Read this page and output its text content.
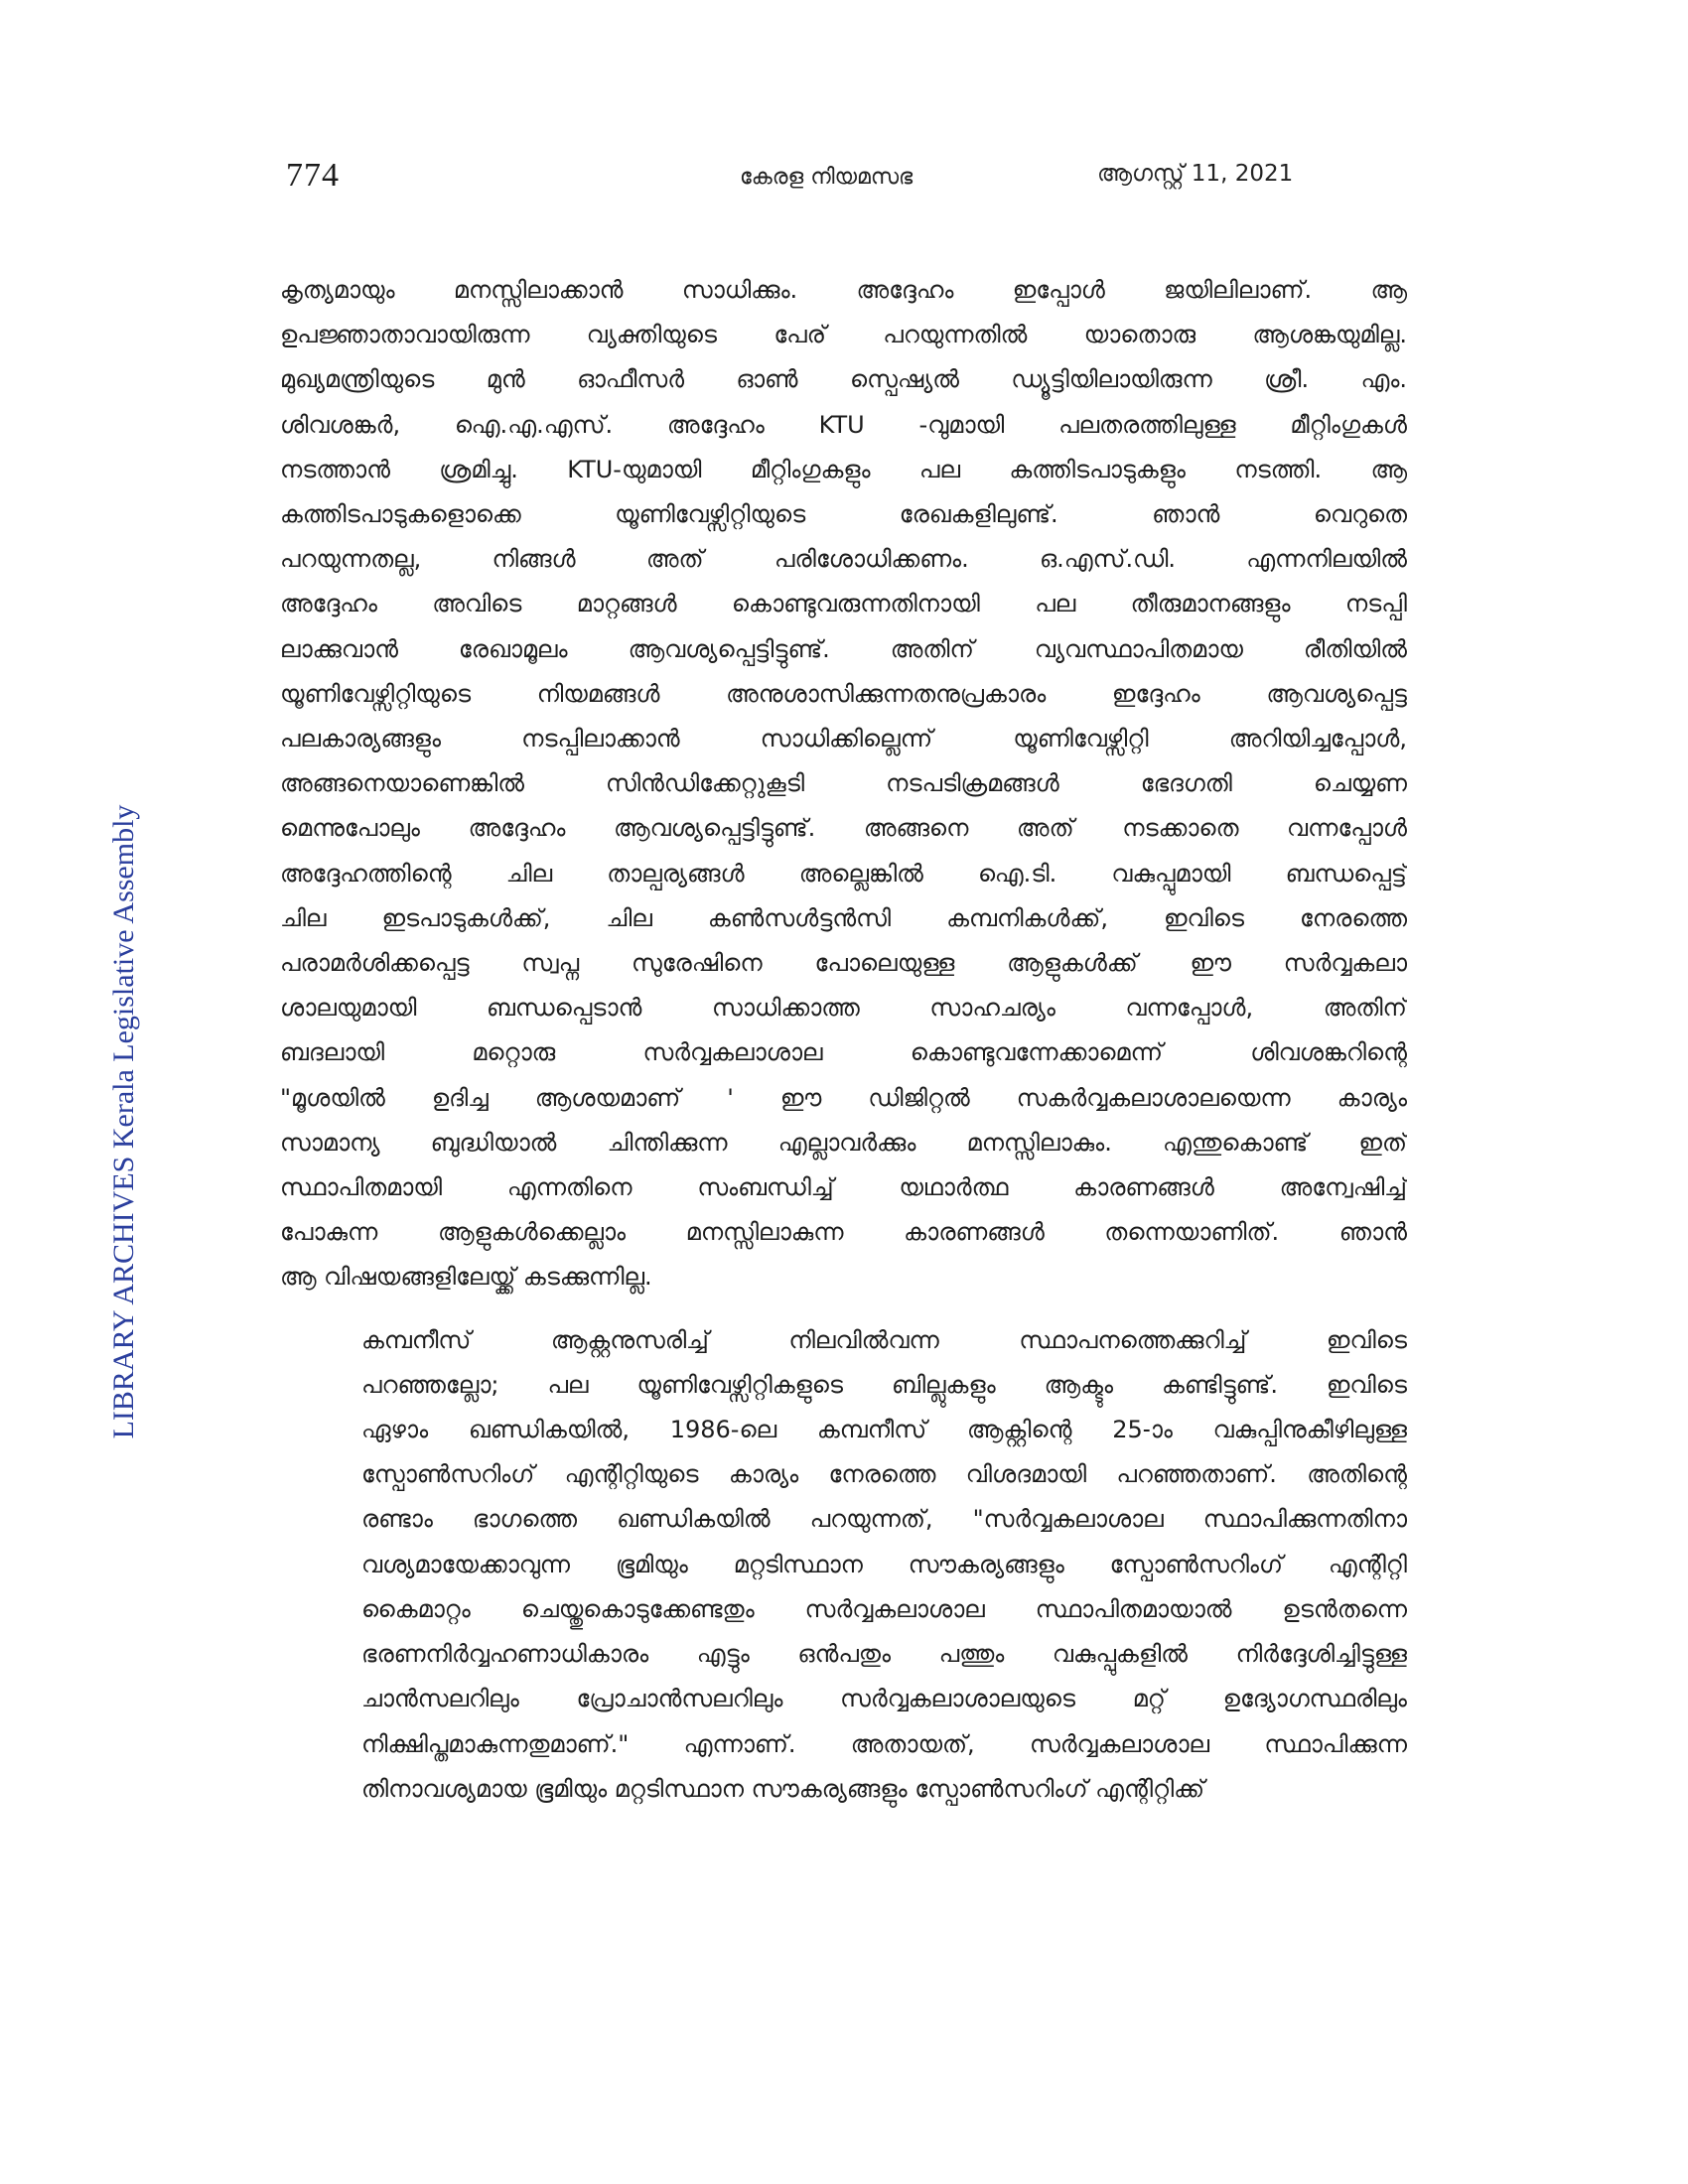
774	കേരള നിയമസഭ	ആഗസ്റ്റ് 11, 2021
LIBRARY ARCHIVES Kerala Legislative Assembly
കൃത്യമായും മനസ്സിലാക്കാൻ സാധിക്കും. അദ്ദേഹം ഇപ്പോൾ ജയിലിലാണ്. ആ
ഉപജ്ഞാതാവായിരുന്ന വ്യക്തിയുടെ പേര് പറയുന്നതിൽ യാതൊരു ആശങ്കയുമില്ല.
മുഖ്യമന്ത്രിയുടെ മുൻ ഓഫീസർ ഓൺ സ്പെഷ്യൽ ഡ്യൂട്ടിയിലായിരുന്ന ശ്രീ. എം.
ശിവശങ്കർ, ഐ.എ.എസ്. അദ്ദേഹം KTU -വുമായി പലതരത്തിലുള്ള മീറ്റിംഗുകൾ
നടത്താൻ ശ്രമിച്ചു. KTU-യുമായി മീറ്റിംഗുകളും പല കത്തിടപാടുകളും നടത്തി. ആ
കത്തിടപാടുകളൊക്കെ യൂണിവേഴ്സിറ്റിയുടെ രേഖകളിലുണ്ട്. ഞാൻ വെറുതെ
പറയുന്നതല്ല, നിങ്ങൾ അത് പരിശോധിക്കണം. ഒ.എസ്.ഡി. എന്നനിലയിൽ
അദ്ദേഹം അവിടെ മാറ്റങ്ങൾ കൊണ്ടുവരുന്നതിനായി പല തീരുമാനങ്ങളും നടപ്പി
ലാക്കുവാൻ രേഖാമൂലം ആവശ്യപ്പെട്ടിട്ടുണ്ട്. അതിന് വ്യവസ്ഥാപിതമായ രീതിയിൽ
യൂണിവേഴ്സിറ്റിയുടെ നിയമങ്ങൾ അനുശാസിക്കുന്നതനുപ്രകാരം ഇദ്ദേഹം ആവശ്യപ്പെട്ട
പലകാര്യങ്ങളും നടപ്പിലാക്കാൻ സാധിക്കില്ലെന്ന് യൂണിവേഴ്സിറ്റി അറിയിച്ചപ്പോൾ,
അങ്ങനെയാണെങ്കിൽ സിൻഡിക്കേറ്റുകൂടി നടപടിക്രമങ്ങൾ ഭേദഗതി ചെയ്യണ
മെന്നുപോലും അദ്ദേഹം ആവശ്യപ്പെട്ടിട്ടുണ്ട്. അങ്ങനെ അത് നടക്കാതെ വന്നപ്പോൾ
അദ്ദേഹത്തിന്റെ ചില താല്പര്യങ്ങൾ അല്ലെങ്കിൽ ഐ.ടി. വകുപ്പുമായി ബന്ധപ്പെട്ട്
ചില ഇടപാടുകൾക്ക്, ചില കൺസൾട്ടൻസി കമ്പനികൾക്ക്, ഇവിടെ നേരത്തെ
പരാമർശിക്കപ്പെട്ട സ്വപ്ന സുരേഷിനെ പോലെയുള്ള ആളുകൾക്ക് ഈ സർവ്വകലാ
ശാലയുമായി ബന്ധപ്പെടാൻ സാധിക്കാത്ത സാഹചര്യം വന്നപ്പോൾ, അതിന്
ബദലായി മറ്റൊരു സർവ്വകലാശാല കൊണ്ടുവന്നേക്കാമെന്ന് ശിവശങ്കറിന്റെ
"മൂശയിൽ ഉദിച്ച ആശയമാണ് ' ഈ ഡിജിറ്റൽ സകർവ്വകലാശാലയെന്ന കാര്യം
സാമാന്യ ബുദ്ധിയാൽ ചിന്തിക്കുന്ന എല്ലാവർക്കും മനസ്സിലാകും. എന്തുകൊണ്ട് ഇത്
സ്ഥാപിതമായി എന്നതിനെ സംബന്ധിച്ച് യഥാർത്ഥ കാരണങ്ങൾ അന്വേഷിച്ച്
പോകുന്ന ആളുകൾക്കെല്ലാം മനസ്സിലാകുന്ന കാരണങ്ങൾ തന്നെയാണിത്. ഞാൻ
ആ വിഷയങ്ങളിലേയ്ക്ക് കടക്കുന്നില്ല.
കമ്പനീസ് ആക്റ്റനുസരിച്ച് നിലവിൽവന്ന സ്ഥാപനത്തെക്കുറിച്ച് ഇവിടെ
പറഞ്ഞല്ലോ; പല യൂണിവേഴ്സിറ്റികളുടെ ബില്ലുകളും ആക്ടും കണ്ടിട്ടുണ്ട്. ഇവിടെ
ഏഴാം ഖണ്ഡികയിൽ, 1986-ലെ കമ്പനീസ് ആക്റ്റിന്റെ 25-ാം വകുപ്പിനുകീഴിലുള്ള
സ്പോൺസറിംഗ് എന്റിറ്റിയുടെ കാര്യം നേരത്തെ വിശദമായി പറഞ്ഞതാണ്. അതിന്റെ
രണ്ടാം ഭാഗത്തെ ഖണ്ഡികയിൽ പറയുന്നത്, "സർവ്വകലാശാല സ്ഥാപിക്കുന്നതിനാ
വശ്യമായേക്കാവുന്ന ഭൂമിയും മറ്റടിസ്ഥാന സൗകര്യങ്ങളും സ്പോൺസറിംഗ് എന്റിറ്റി
കൈമാറ്റം ചെയ്തുകൊടുക്കേണ്ടതും സർവ്വകലാശാല സ്ഥാപിതമായാൽ ഉടൻതന്നെ
ഭരണനിർവ്വഹണാധികാരം എട്ടും ഒൻപതും പത്തും വകുപ്പുകളിൽ നിർദ്ദേശിച്ചിട്ടുള്ള
ചാൻസലറിലും പ്രോചാൻസലറിലും സർവ്വകലാശാലയുടെ മറ്റ് ഉദ്യോഗസ്ഥരിലും
നിക്ഷിപ്തമാകുന്നതുമാണ്." എന്നാണ്. അതായത്, സർവ്വകലാശാല സ്ഥാപിക്കുന്ന
തിനാവശ്യമായ ഭൂമിയും മറ്റടിസ്ഥാന സൗകര്യങ്ങളും സ്പോൺസറിംഗ് എന്റിറ്റിക്ക്
